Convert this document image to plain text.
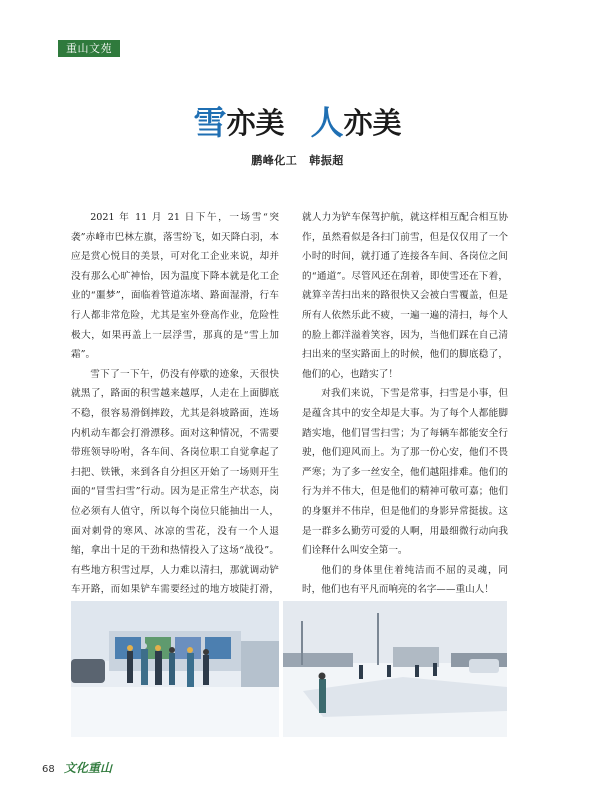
重山文苑
雪亦美 人亦美
鹏峰化工 韩振超

2021 年 11 月 21 日下午，一场雪“突袭”赤峰市巴林左旗，落雪纷飞，如天降白羽，本应是赏心悦目的美景，可对化工企业来说，却并没有那么心旷神怡，因为温度下降本就是化工企业的“噩梦”，面临着管道冻堵、路面湿滑，行车行人都非常危险，尤其是室外登高作业，危险性极大，如果再盖上一层浮雪，那真的是“雪上加霜”。

雪下了一下午，仍没有停歇的迹象，天很快就黑了，路面的积雪越来越厚，人走在上面脚底不稳，很容易滑倒摔跤，尤其是斜坡路面，连场内机动车都会打滑漂移。面对这种情况，不需要带班领导吩咐，各车间、各岗位职工自觉拿起了扫把、铁锹，来到各自分担区开始了一场则开生面的“冒雪扫雪”行动。因为是正常生产状态，岗位必须有人值守，所以每个岗位只能抽出一人，面对刺骨的寒风、冰凉的雪花，没有一个人退缩，拿出十足的干劲和热情投入了这场“战役”。有些地方积雪过厚，人力难以清扫，那就调动铲车开路，而如果铲车需要经过的地方坡陡打滑，

就人力为铲车保驾护航，就这样相互配合相互协作，虽然看似是各扫门前雪，但是仅仅用了一个小时的时间，就打通了连接各车间、各岗位之间的“通道”。尽管风还在刮着，即使雪还在下着，就算辛苦扫出来的路很快又会被白雪覆盖，但是所有人依然乐此不疲，一遍一遍的清扫，每个人的脸上都洋溢着笑容，因为，当他们踩在自己清扫出来的坚实路面上的时候，他们的脚底稳了，他们的心，也踏实了！

对我们来说，下雪是常事，扫雪是小事，但是蕴含其中的安全却是大事。为了每个人都能脚踏实地，他们冒雪扫雪；为了每辆车都能安全行驶，他们迎风而上。为了那一份心安，他们不畏严寒；为了多一丝安全，他们越阻排难。他们的行为并不伟大，但是他们的精神可敬可嘉；他们的身躯并不伟岸，但是他们的身影异常挺拔。这是一群多么勤劳可爱的人啊，用最细微行动向我们诠释什么叫安全第一。

他们的身体里住着纯洁而不屈的灵魂，同时，他们也有平凡而响亮的名字——重山人！

68 文化重山
